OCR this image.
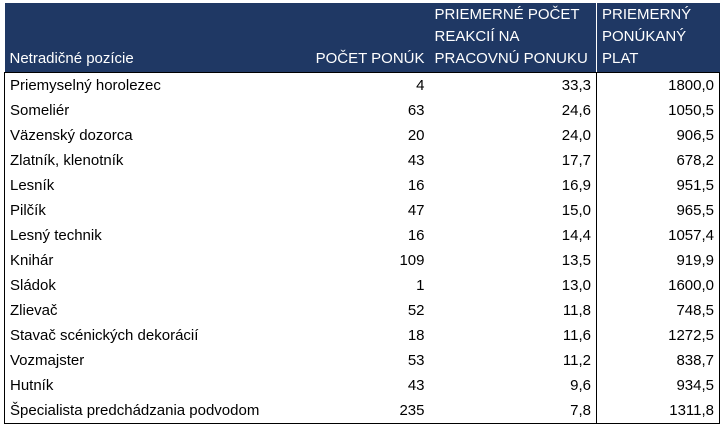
Netradičné pozície	POČET PONÚK	PRIEMERNÉ POČET REAKCIÍ NA PRACOVNÚ PONUKU	PRIEMERNÝ PONÚKANÝ PLAT
Priemyselný horolezec	4	33,3	1800,0
Someliér	63	24,6	1050,5
Väzenský dozorca	20	24,0	906,5
Zlatník, klenotník	43	17,7	678,2
Lesník	16	16,9	951,5
Pilčík	47	15,0	965,5
Lesný technik	16	14,4	1057,4
Knihár	109	13,5	919,9
Sládok	1	13,0	1600,0
Zlievač	52	11,8	748,5
Stavač scénických dekorácií	18	11,6	1272,5
Vozmajster	53	11,2	838,7
Hutník	43	9,6	934,5
Špecialista predchádzania podvodom	235	7,8	1311,8
